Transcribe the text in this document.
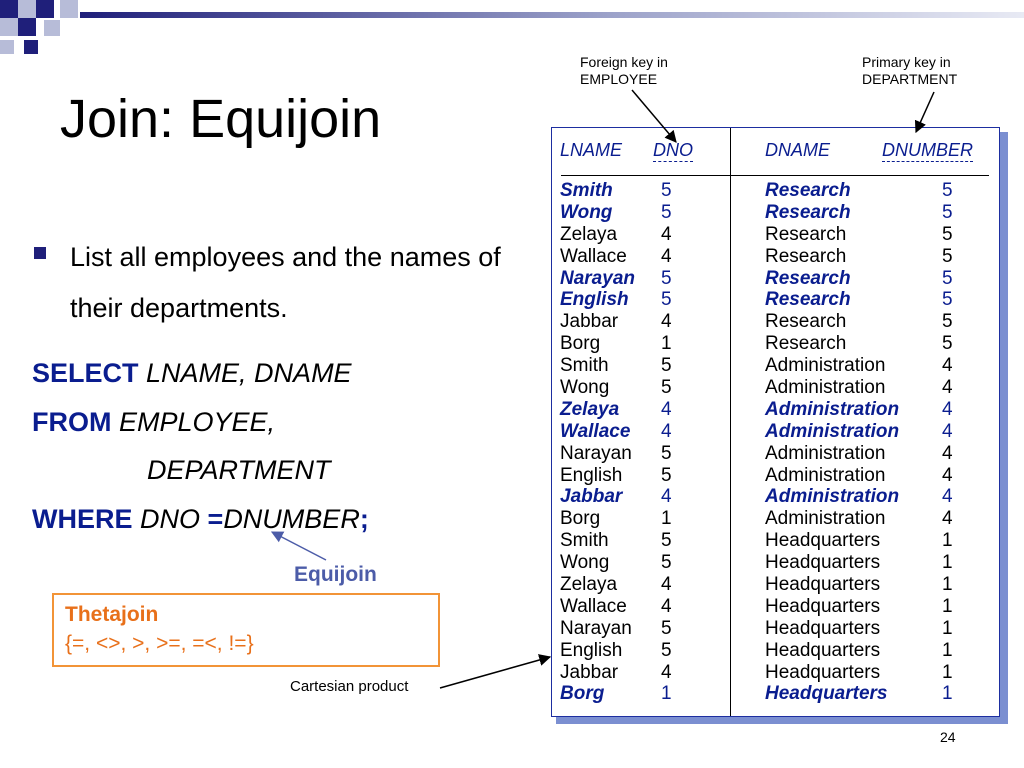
Join: Equijoin
List all employees and the names of their departments.
SELECT LNAME, DNAME
FROM EMPLOYEE,
DEPARTMENT
WHERE DNO =DNUMBER;
Equijoin
Thetajoin
{=, <>, >, >=, =<, !=}
Cartesian product
Foreign key in EMPLOYEE
Primary key in DEPARTMENT
LNAME DNO	DNAME	DNUMBER
Smith	5	Research	5
Wong	5	Research	5
Zelaya 4	Research	5
Wallace 4	Research	5
Narayan 5	Research	5
English 5	Research	5
Jabbar 4	Research	5
Borg	1	Research	5
Smith	5	Administration	4
Wong	5	Administration	4
Zelaya 4	Administration 4
Wallace 4	Administration 4
Narayan 5	Administration	4
English 5	Administration	4
Jabbar 4	Administration 4
Borg	1	Administration	4
Smith	5	Headquarters	1
Wong	5	Headquarters	1
Zelaya 4	Headquarters	1
Wallace 4	Headquarters	1
Narayan 5	Headquarters	1
English 5	Headquarters	1
Jabbar 4	Headquarters	1
Borg	1	Headquarters	1
24
